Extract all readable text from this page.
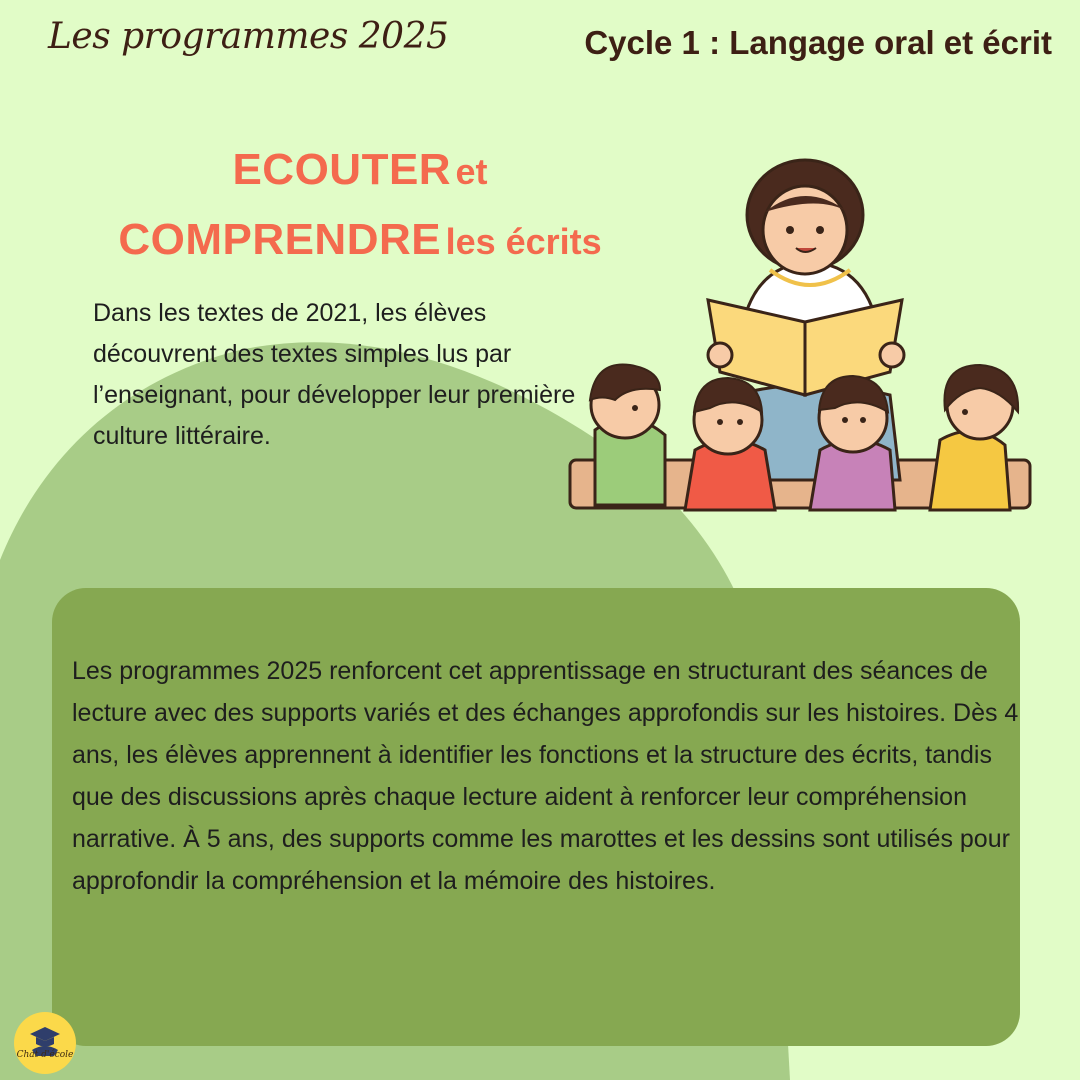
Les programmes 2025	Cycle 1 : Langage oral et écrit
ECOUTER et
COMPRENDRE les écrits
Dans les textes de 2021, les élèves découvrent des textes simples lus par l’enseignant, pour développer leur première culture littéraire.
Les programmes 2025 renforcent cet apprentissage en structurant des séances de lecture avec des supports variés et des échanges approfondis sur les histoires. Dès 4 ans, les élèves apprennent à identifier les fonctions et la structure des écrits, tandis que des discussions après chaque lecture aident à renforcer leur compréhension narrative. À 5 ans, des supports comme les marottes et les dessins sont utilisés pour approfondir la compréhension et la mémoire des histoires.
Chat d'école
